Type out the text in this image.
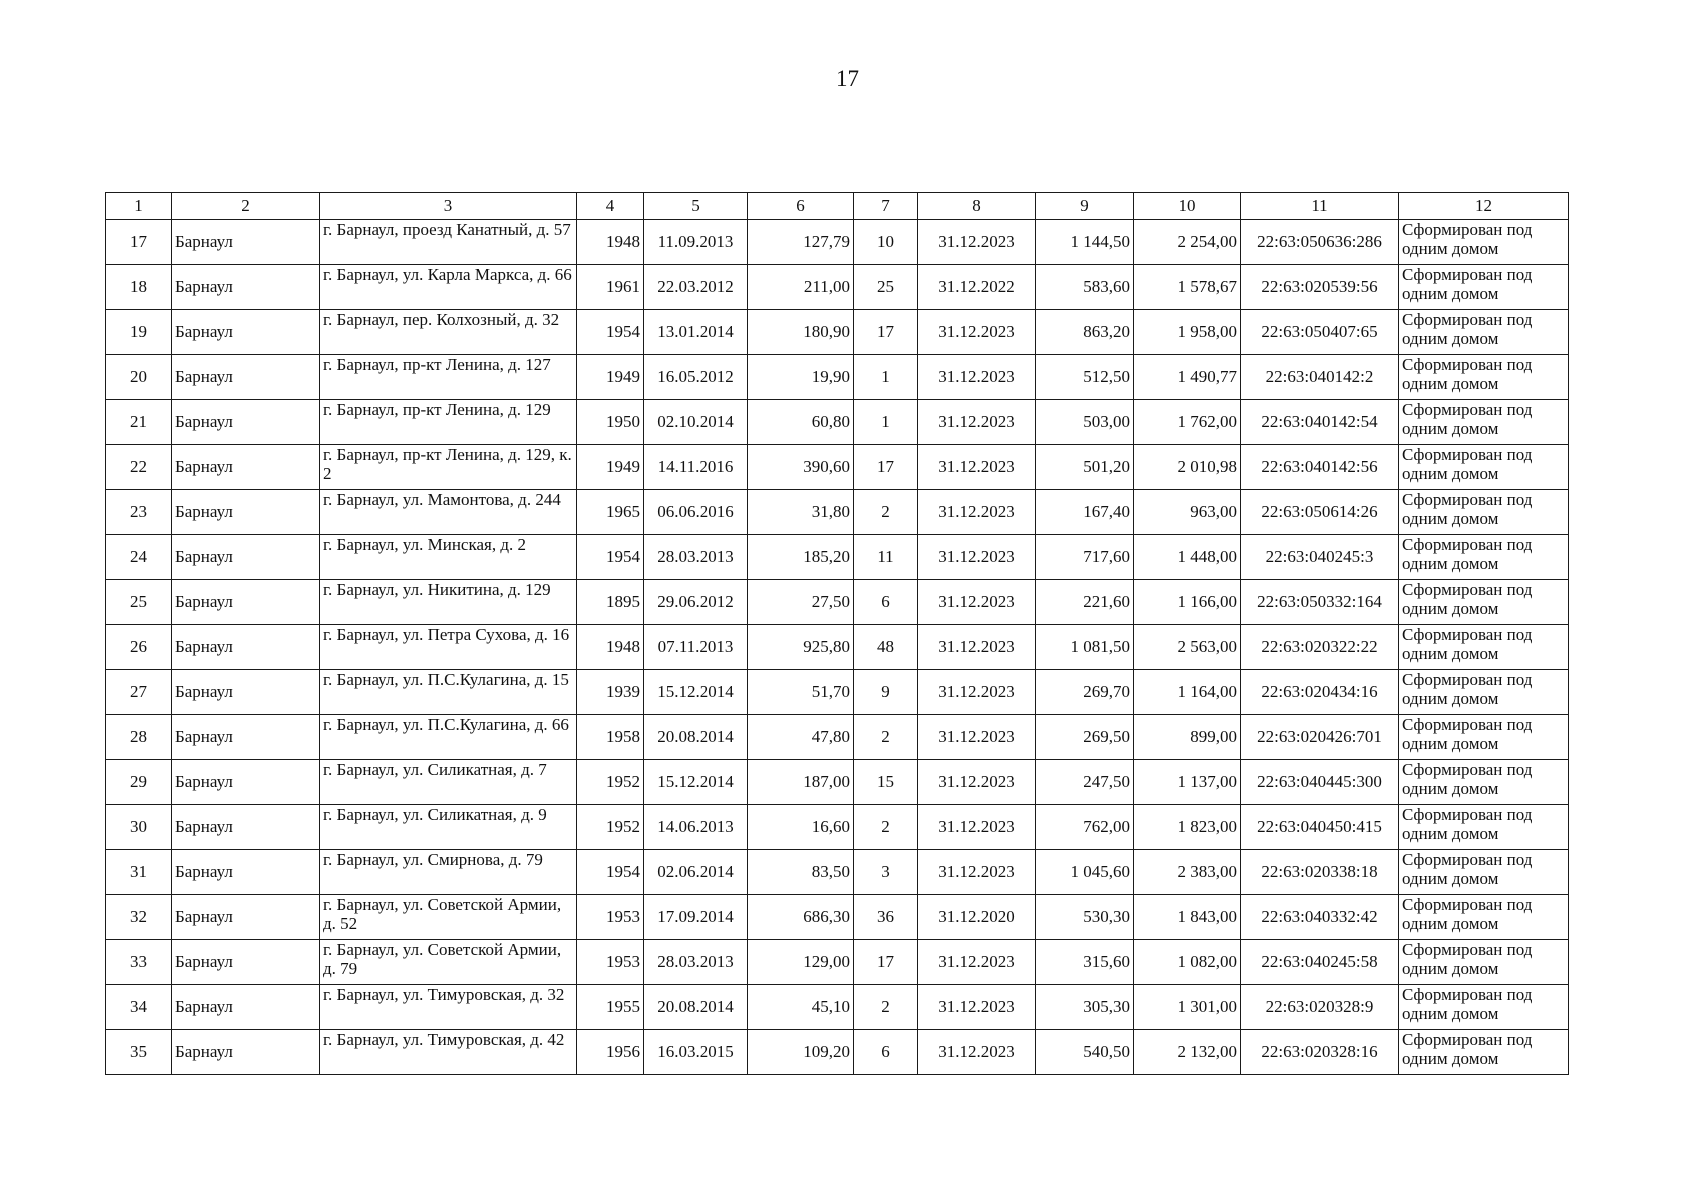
17
1	2	3	4	5	6	7	8	9	10	11	12
17	Барнаул	г. Барнаул, проезд Канатный, д. 57	1948	11.09.2013	127,79	10	31.12.2023	1 144,50	2 254,00	22:63:050636:286	Сформирован под одним домом
18	Барнаул	г. Барнаул, ул. Карла Маркса, д. 66	1961	22.03.2012	211,00	25	31.12.2022	583,60	1 578,67	22:63:020539:56	Сформирован под одним домом
19	Барнаул	г. Барнаул, пер. Колхозный, д. 32	1954	13.01.2014	180,90	17	31.12.2023	863,20	1 958,00	22:63:050407:65	Сформирован под одним домом
20	Барнаул	г. Барнаул, пр-кт Ленина, д. 127	1949	16.05.2012	19,90	1	31.12.2023	512,50	1 490,77	22:63:040142:2	Сформирован под одним домом
21	Барнаул	г. Барнаул, пр-кт Ленина, д. 129	1950	02.10.2014	60,80	1	31.12.2023	503,00	1 762,00	22:63:040142:54	Сформирован под одним домом
22	Барнаул	г. Барнаул, пр-кт Ленина, д. 129, к. 2	1949	14.11.2016	390,60	17	31.12.2023	501,20	2 010,98	22:63:040142:56	Сформирован под одним домом
23	Барнаул	г. Барнаул, ул. Мамонтова, д. 244	1965	06.06.2016	31,80	2	31.12.2023	167,40	963,00	22:63:050614:26	Сформирован под одним домом
24	Барнаул	г. Барнаул, ул. Минская, д. 2	1954	28.03.2013	185,20	11	31.12.2023	717,60	1 448,00	22:63:040245:3	Сформирован под одним домом
25	Барнаул	г. Барнаул, ул. Никитина, д. 129	1895	29.06.2012	27,50	6	31.12.2023	221,60	1 166,00	22:63:050332:164	Сформирован под одним домом
26	Барнаул	г. Барнаул, ул. Петра Сухова, д. 16	1948	07.11.2013	925,80	48	31.12.2023	1 081,50	2 563,00	22:63:020322:22	Сформирован под одним домом
27	Барнаул	г. Барнаул, ул. П.С.Кулагина, д. 15	1939	15.12.2014	51,70	9	31.12.2023	269,70	1 164,00	22:63:020434:16	Сформирован под одним домом
28	Барнаул	г. Барнаул, ул. П.С.Кулагина, д. 66	1958	20.08.2014	47,80	2	31.12.2023	269,50	899,00	22:63:020426:701	Сформирован под одним домом
29	Барнаул	г. Барнаул, ул. Силикатная, д. 7	1952	15.12.2014	187,00	15	31.12.2023	247,50	1 137,00	22:63:040445:300	Сформирован под одним домом
30	Барнаул	г. Барнаул, ул. Силикатная, д. 9	1952	14.06.2013	16,60	2	31.12.2023	762,00	1 823,00	22:63:040450:415	Сформирован под одним домом
31	Барнаул	г. Барнаул, ул. Смирнова, д. 79	1954	02.06.2014	83,50	3	31.12.2023	1 045,60	2 383,00	22:63:020338:18	Сформирован под одним домом
32	Барнаул	г. Барнаул, ул. Советской Армии, д. 52	1953	17.09.2014	686,30	36	31.12.2020	530,30	1 843,00	22:63:040332:42	Сформирован под одним домом
33	Барнаул	г. Барнаул, ул. Советской Армии, д. 79	1953	28.03.2013	129,00	17	31.12.2023	315,60	1 082,00	22:63:040245:58	Сформирован под одним домом
34	Барнаул	г. Барнаул, ул. Тимуровская, д. 32	1955	20.08.2014	45,10	2	31.12.2023	305,30	1 301,00	22:63:020328:9	Сформирован под одним домом
35	Барнаул	г. Барнаул, ул. Тимуровская, д. 42	1956	16.03.2015	109,20	6	31.12.2023	540,50	2 132,00	22:63:020328:16	Сформирован под одним домом
